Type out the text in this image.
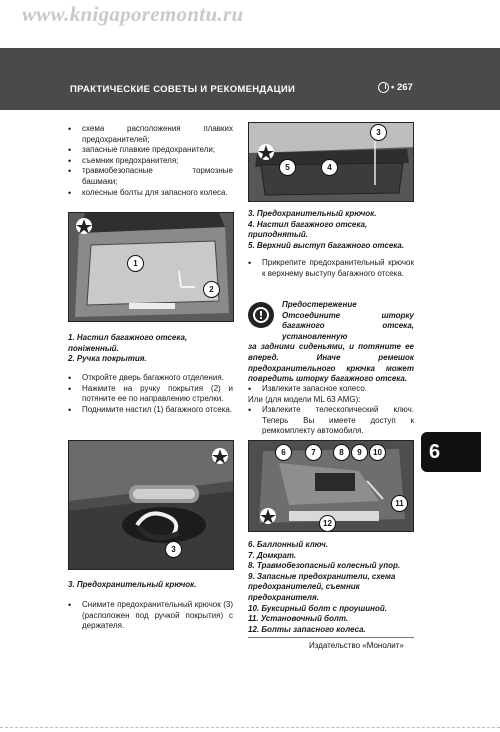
www.knigaporemontu.ru
ПРАКТИЧЕСКИЕ СОВЕТЫ И РЕКОМЕНДАЦИИ	• 267
•	схема расположения плавких предохранителей;
•	запасные плавкие предохранители;
•	съемник предохранителя;
•	травмобезопасные тормозные башмаки;
•	колесные болты для запасного колеса.
1
2
1. Настил багажного отсека, поніженный.
2. Ручка покрытия.
•	Откройте дверь багажного отделения.
•	Нажмите на ручку покрытия (2) и потяните ее по направлению стрелки.
•	Поднимите настил (1) багажного отсека.
3
3. Предохранительный крючок.
•	Снимите предохранительный крючок (3) (расположен под ручкой покрытия) с держателя.
3
5	4
3. Предохранительный крючок.
4. Настил багажного отсека, приподнятый.
5. Верхний выступ багажного отсека.
•	Прикрепите предохранительный крючок к верхнему выступу багажного отсека.
!
Предостережение
Отсоедините шторку багажного отсека, установленную
за задними сиденьями, и потяните ее вперед. Иначе ремешок предохранительного крючка может повредить шторку багажного отсека.
•	Извлеките запасное колесо.
Или (для модели ML 63 AMG):
•	Извлеките телескопический ключ. Теперь Вы имеете доступ к ремкомплекту автомобиля.
6	7	8	9	10
11
12
6. Баллонный ключ.
7. Домкрат.
8. Травмобезопасный колесный упор.
9. Запасные предохранители, схема предохранителей, съемник предохранителя.
10. Буксирный болт с проушиной.
11. Установочный болт.
12. Болты запасного колеса.
6
Издательство «Монолит»
